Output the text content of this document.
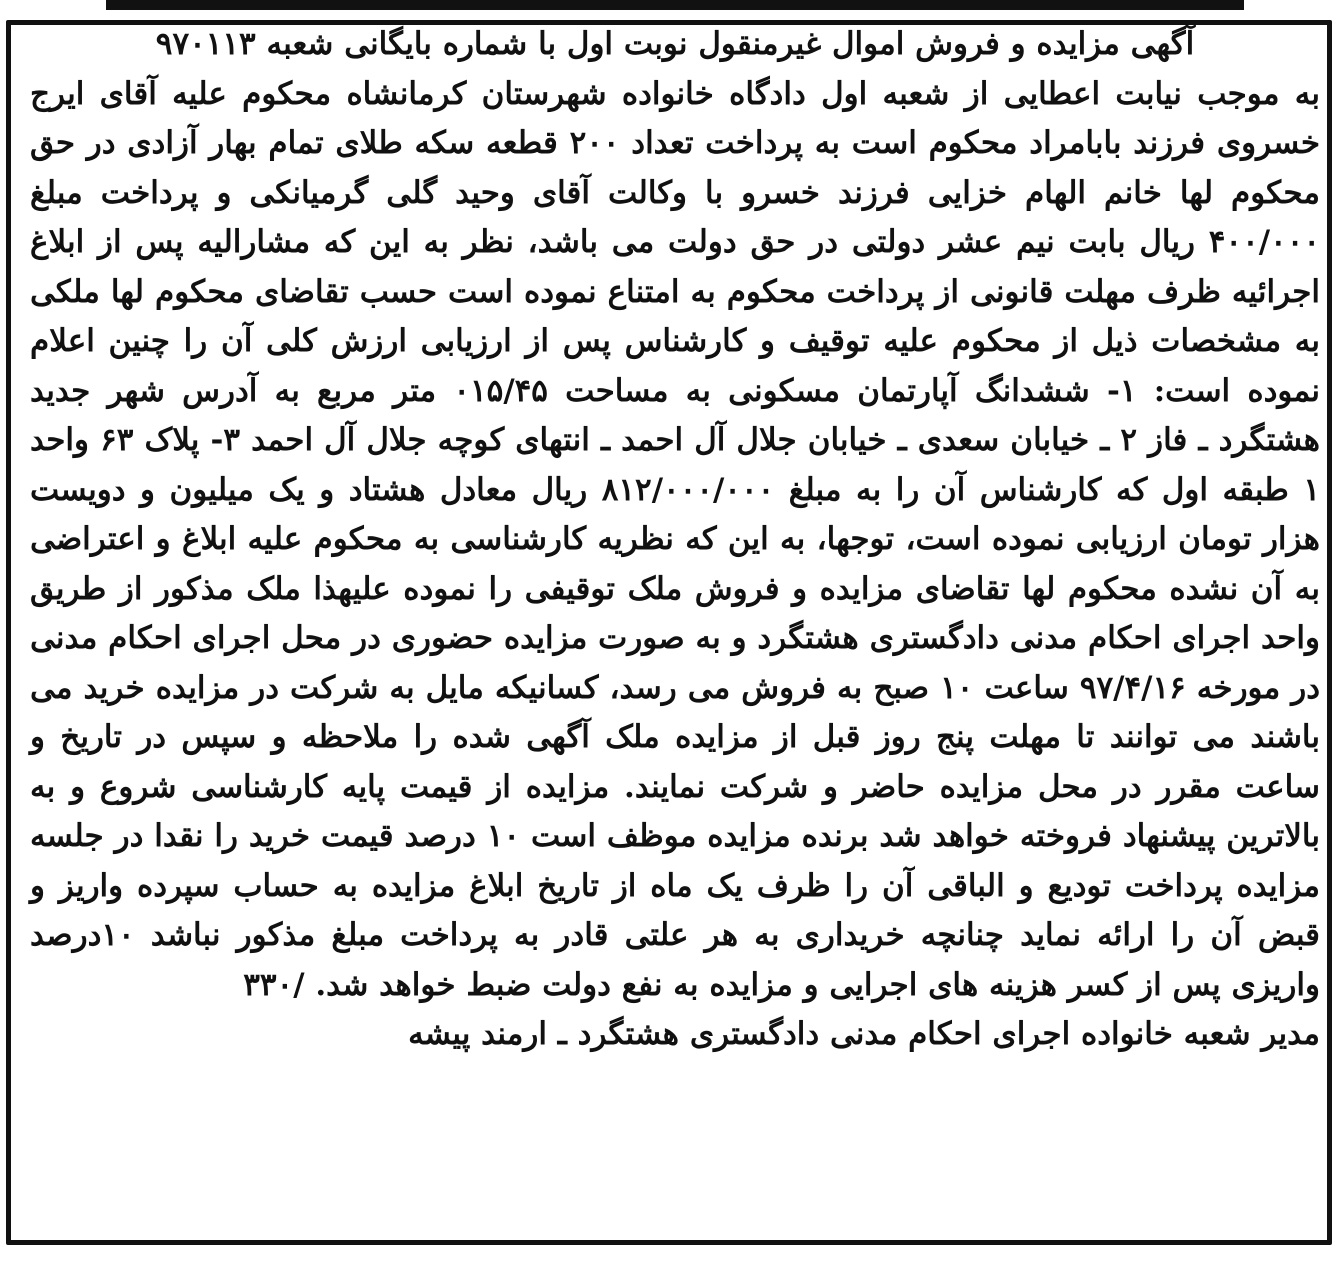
آگهی مزایده و فروش اموال غیرمنقول نوبت اول با شماره بایگانی شعبه ۹۷۰۱۱۳

به موجب نیابت اعطایی از شعبه اول دادگاه خانواده شهرستان کرمانشاه محکوم علیه آقای ایرج خسروی فرزند بابامراد محکوم است به پرداخت تعداد ۲۰۰ قطعه سکه طلای تمام بهار آزادی در حق محکوم لها خانم الهام خزایی فرزند خسرو با وکالت آقای وحید گلی گرمیانکی و پرداخت مبلغ ۴۰۰/۰۰۰ ریال بابت نیم عشر دولتی در حق دولت می باشد، نظر به این که مشارالیه پس از ابلاغ اجرائیه ظرف مهلت قانونی از پرداخت محکوم به امتناع نموده است حسب تقاضای محکوم لها ملکی به مشخصات ذیل از محکوم علیه توقیف و کارشناس پس از ارزیابی ارزش کلی آن را چنین اعلام نموده است: ۱- ششدانگ آپارتمان مسکونی به مساحت ۰۱۵/۴۵ متر مربع به آدرس شهر جدید هشتگرد ـ فاز ۲ ـ خیابان سعدی ـ خیابان جلال آل احمد ـ انتهای کوچه جلال آل احمد ۳- پلاک ۶۳ واحد ۱ طبقه اول که کارشناس آن را به مبلغ ۸۱۲/۰۰۰/۰۰۰ ریال معادل هشتاد و یک میلیون و دویست هزار تومان ارزیابی نموده است، توجها، به این که نظریه کارشناسی به محکوم علیه ابلاغ و اعتراضی به آن نشده محکوم لها تقاضای مزایده و فروش ملک توقیفی را نموده علیهذا ملک مذکور از طریق واحد اجرای احکام مدنی دادگستری هشتگرد و به صورت مزایده حضوری در محل اجرای احکام مدنی در مورخه ۹۷/۴/۱۶ ساعت ۱۰ صبح به فروش می رسد، کسانیکه مایل به شرکت در مزایده خرید می باشند می توانند تا مهلت پنج روز قبل از مزایده ملک آگهی شده را ملاحظه و سپس در تاریخ و ساعت مقرر در محل مزایده حاضر و شرکت نمایند. مزایده از قیمت پایه کارشناسی شروع و به بالاترین پیشنهاد فروخته خواهد شد برنده مزایده موظف است ۱۰ درصد قیمت خرید را نقدا در جلسه مزایده پرداخت تودیع و الباقی آن را ظرف یک ماه از تاریخ ابلاغ مزایده به حساب سپرده واریز و قبض آن را ارائه نماید چنانچه خریداری به هر علتی قادر به پرداخت مبلغ مذکور نباشد ۱۰درصد واریزی پس از کسر هزینه های اجرایی و مزایده به نفع دولت ضبط خواهد شد. /۳۳۰

مدیر شعبه خانواده اجرای احکام مدنی دادگستری هشتگرد ـ ارمند پیشه
